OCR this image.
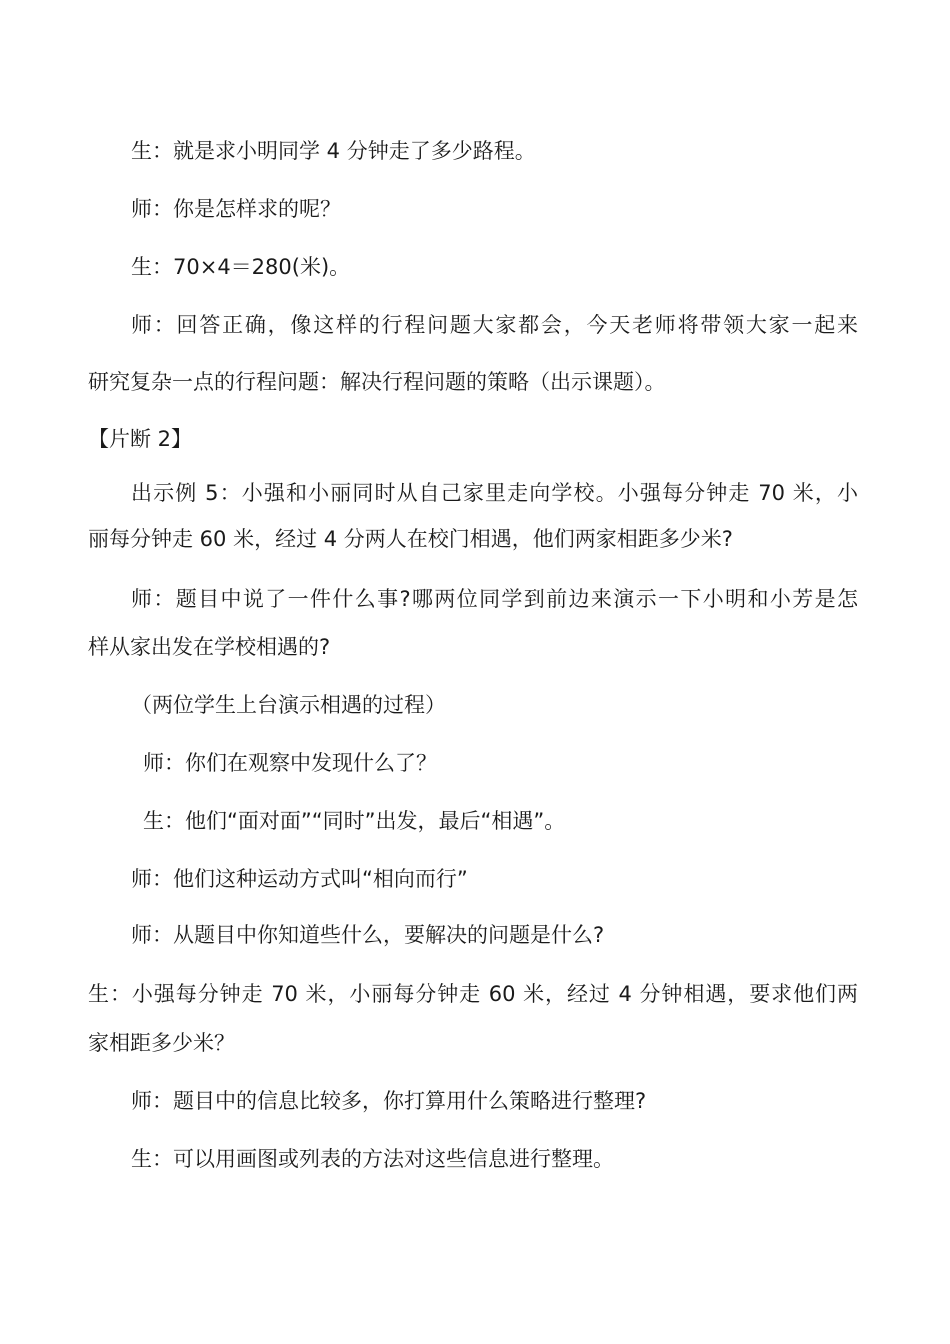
生：就是求小明同学 4 分钟走了多少路程。
师：你是怎样求的呢？
生：70×4＝280(米)。
师：回答正确，像这样的行程问题大家都会，今天老师将带领大家一起来
研究复杂一点的行程问题：解决行程问题的策略（出示课题）。
【片断 2】
出示例 5：小强和小丽同时从自己家里走向学校。小强每分钟走 70 米，小
丽每分钟走 60 米，经过 4 分两人在校门相遇，他们两家相距多少米?
师：题目中说了一件什么事?哪两位同学到前边来演示一下小明和小芳是怎
样从家出发在学校相遇的?
（两位学生上台演示相遇的过程）
师：你们在观察中发现什么了？
生：他们“面对面”“同时”出发，最后“相遇”。
师：他们这种运动方式叫“相向而行”
师：从题目中你知道些什么，要解决的问题是什么?
生：小强每分钟走 70 米，小丽每分钟走 60 米，经过 4 分钟相遇，要求他们两
家相距多少米？
师：题目中的信息比较多，你打算用什么策略进行整理?
生：可以用画图或列表的方法对这些信息进行整理。
